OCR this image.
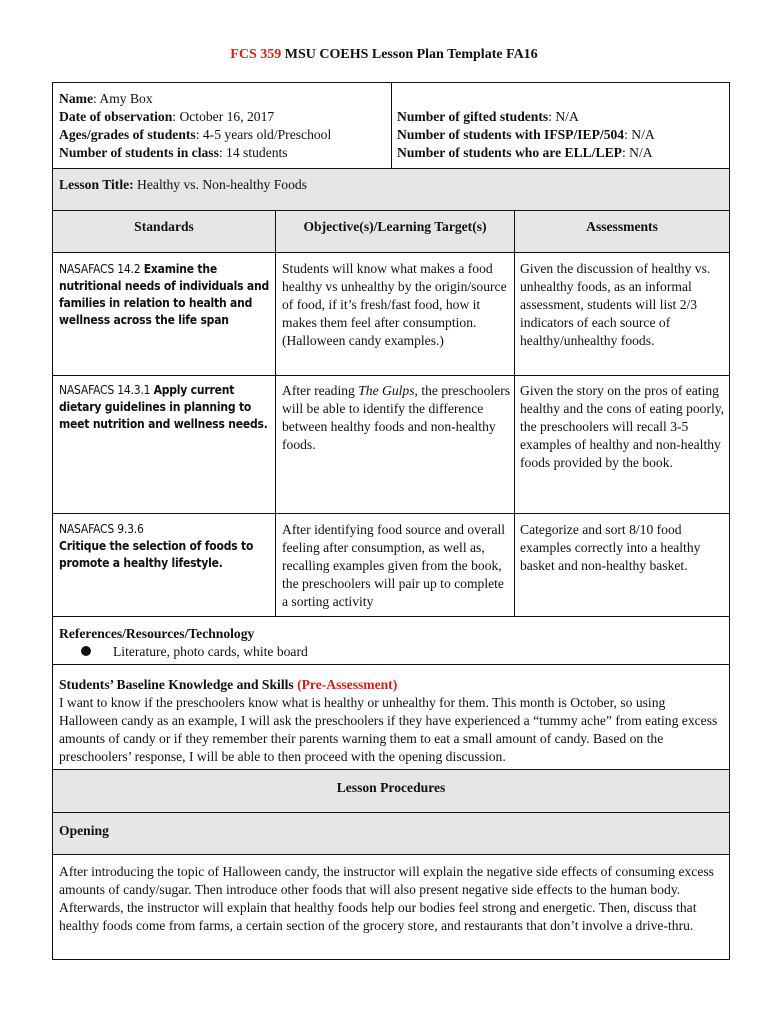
FCS 359 MSU COEHS Lesson Plan Template FA16
Name: Amy Box
Date of observation: October 16, 2017
Ages/grades of students: 4-5 years old/Preschool
Number of students in class: 14 students
Number of gifted students: N/A
Number of students with IFSP/IEP/504: N/A
Number of students who are ELL/LEP: N/A
Lesson Title: Healthy vs. Non-healthy Foods
Standards	Objective(s)/Learning Target(s)	Assessments
NASAFACS 14.2 Examine the nutritional needs of individuals and families in relation to health and wellness across the life span
Students will know what makes a food healthy vs unhealthy by the origin/source of food, if it’s fresh/fast food, how it makes them feel after consumption. (Halloween candy examples.)
Given the discussion of healthy vs. unhealthy foods, as an informal assessment, students will list 2/3 indicators of each source of healthy/unhealthy foods.
NASAFACS 14.3.1 Apply current dietary guidelines in planning to meet nutrition and wellness needs.
After reading The Gulps, the preschoolers will be able to identify the difference between healthy foods and non-healthy foods.
Given the story on the pros of eating healthy and the cons of eating poorly, the preschoolers will recall 3-5 examples of healthy and non-healthy foods provided by the book.
NASAFACS 9.3.6
Critique the selection of foods to promote a healthy lifestyle.
After identifying food source and overall feeling after consumption, as well as, recalling examples given from the book, the preschoolers will pair up to complete a sorting activity
Categorize and sort 8/10 food examples correctly into a healthy basket and non-healthy basket.
References/Resources/Technology
Literature, photo cards, white board
Students’ Baseline Knowledge and Skills (Pre-Assessment)
I want to know if the preschoolers know what is healthy or unhealthy for them. This month is October, so using Halloween candy as an example, I will ask the preschoolers if they have experienced a “tummy ache” from eating excess amounts of candy or if they remember their parents warning them to eat a small amount of candy. Based on the preschoolers’ response, I will be able to then proceed with the opening discussion.
Lesson Procedures
Opening
After introducing the topic of Halloween candy, the instructor will explain the negative side effects of consuming excess amounts of candy/sugar. Then introduce other foods that will also present negative side effects to the human body. Afterwards, the instructor will explain that healthy foods help our bodies feel strong and energetic. Then, discuss that healthy foods come from farms, a certain section of the grocery store, and restaurants that don’t involve a drive-thru.
